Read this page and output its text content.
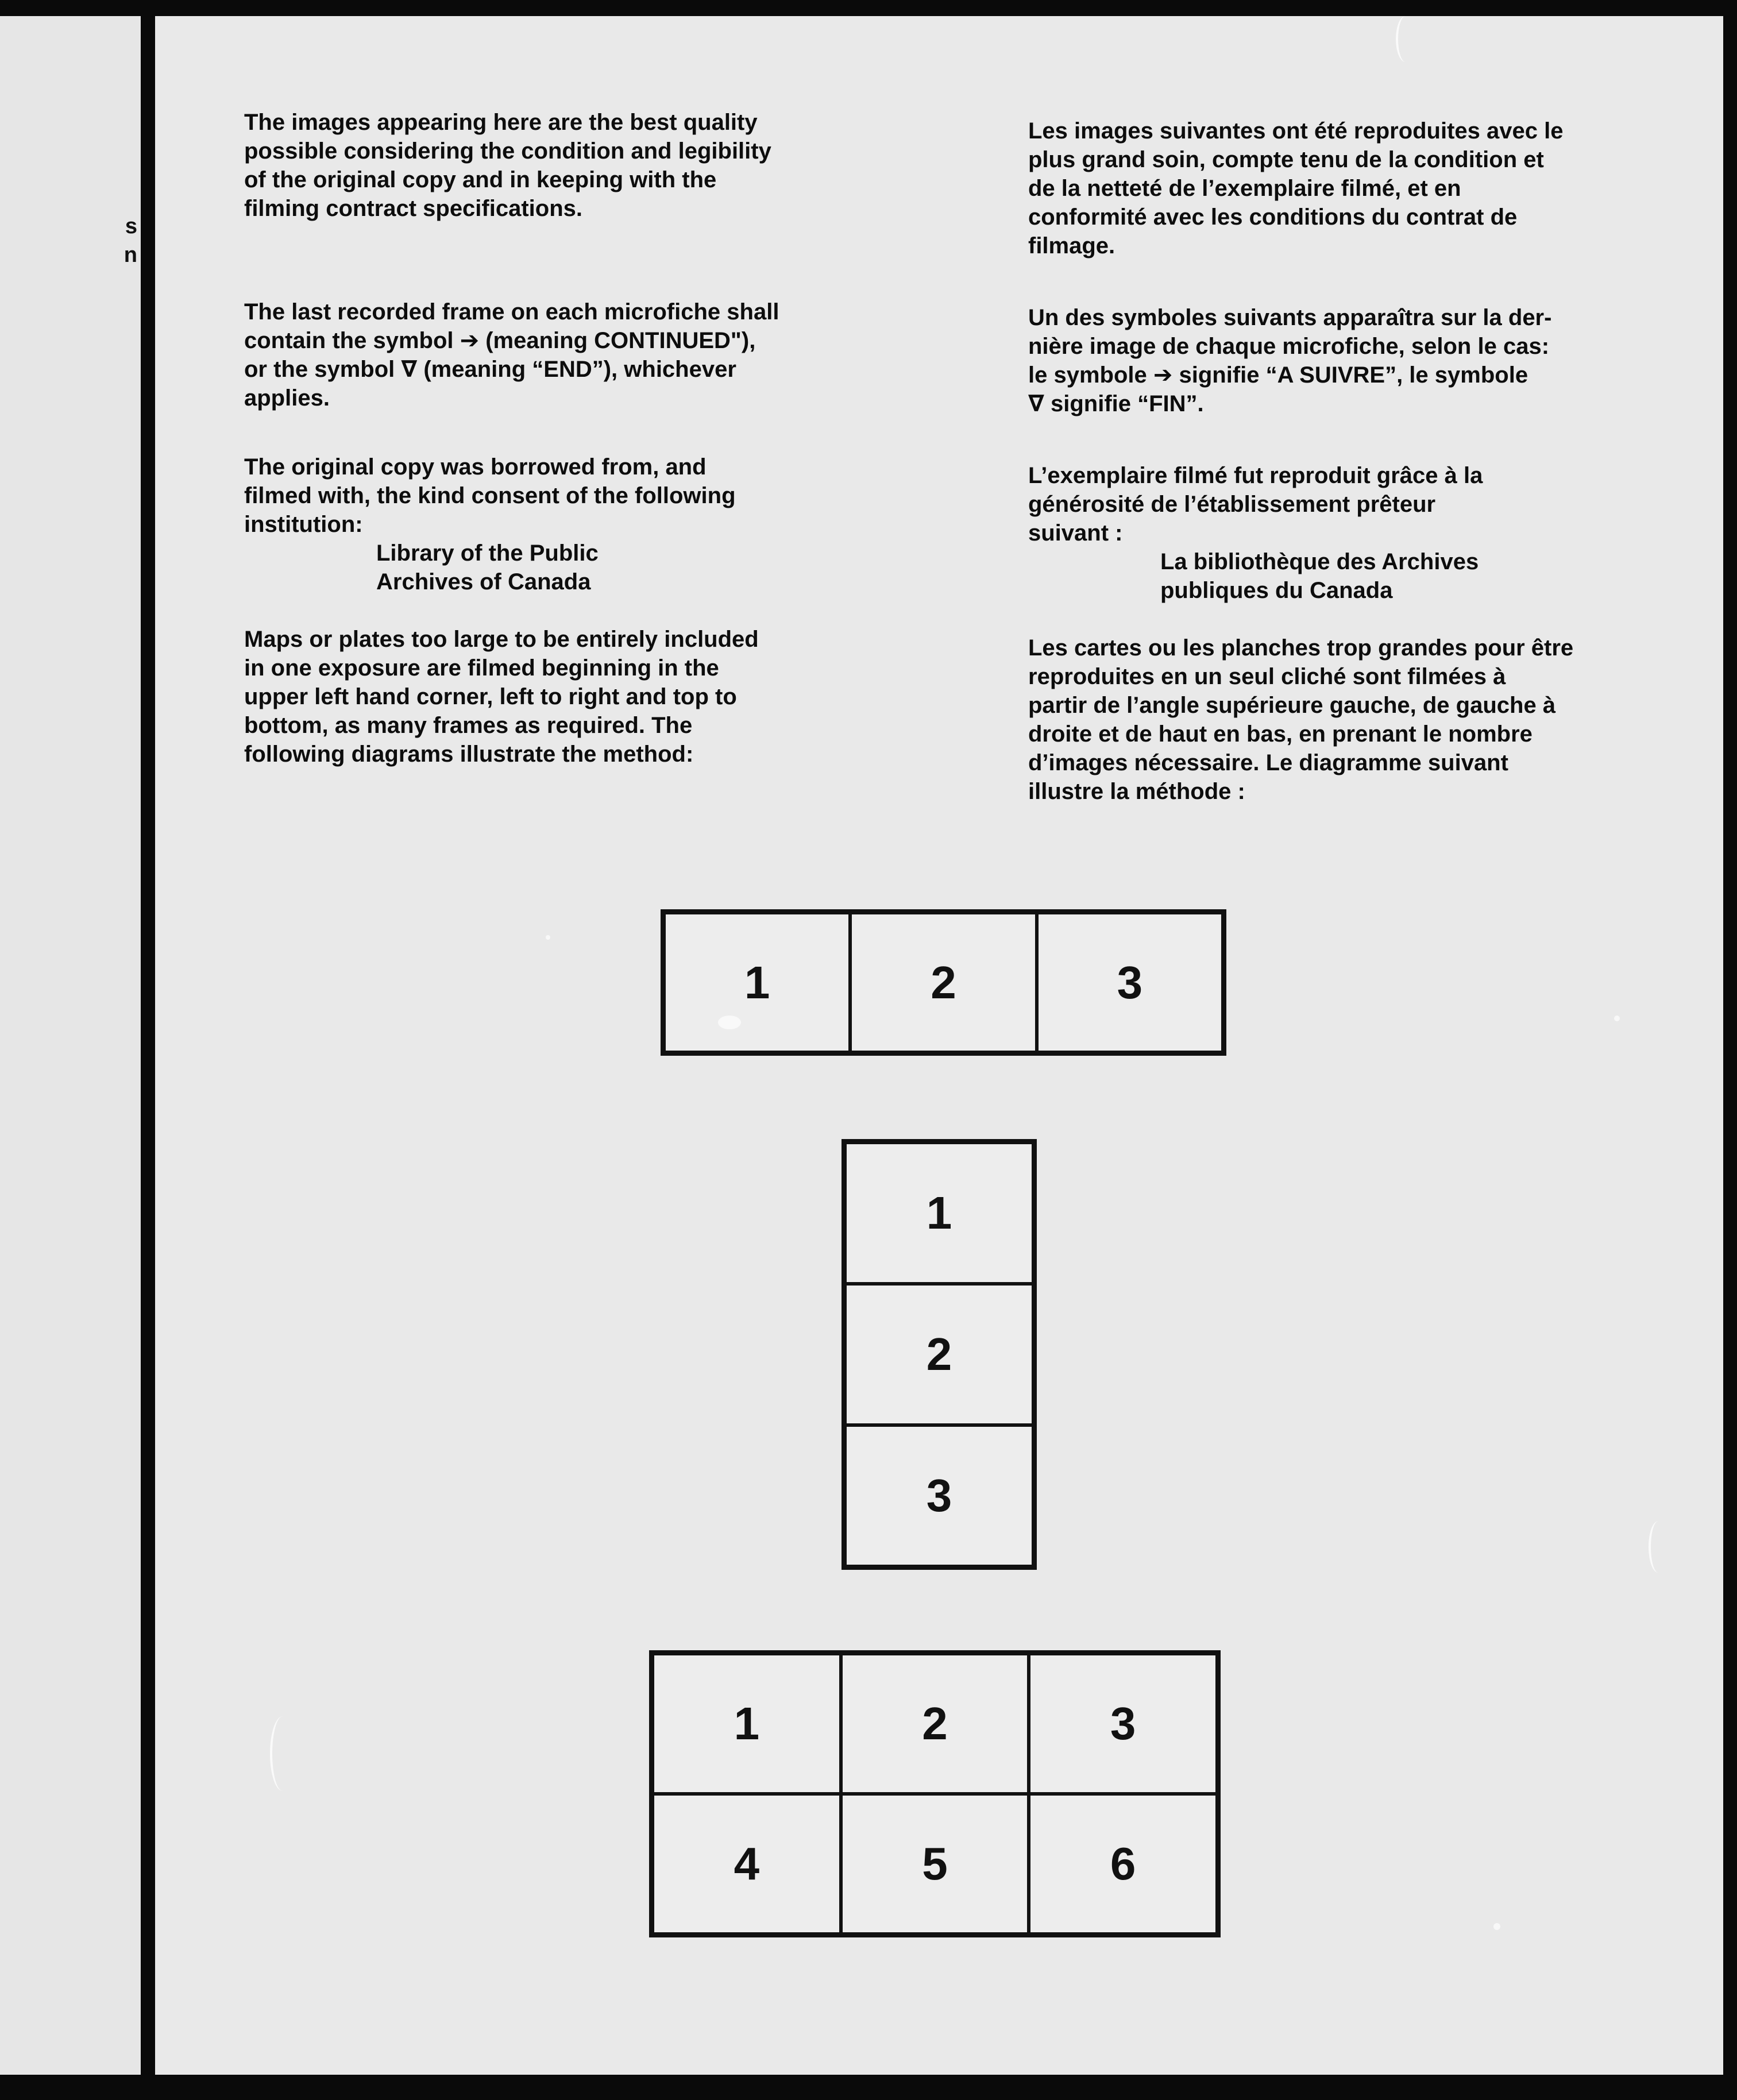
s
n

The images appearing here are the best quality
possible considering the condition and legibility
of the original copy and in keeping with the
filming contract specifications.

The last recorded frame on each microfiche shall
contain the symbol ➔ (meaning CONTINUED"),
or the symbol ∇ (meaning “END”), whichever
applies.

The original copy was borrowed from, and
filmed with, the kind consent of the following
institution:

Library of the Public
Archives of Canada

Maps or plates too large to be entirely included
in one exposure are filmed beginning in the
upper left hand corner, left to right and top to
bottom, as many frames as required. The
following diagrams illustrate the method:

Les images suivantes ont été reproduites avec le
plus grand soin, compte tenu de la condition et
de la netteté de l’exemplaire filmé, et en
conformité avec les conditions du contrat de
filmage.

Un des symboles suivants apparaîtra sur la der-
nière image de chaque microfiche, selon le cas:
le symbole ➔ signifie “A SUIVRE”, le symbole
∇ signifie “FIN”.

L’exemplaire filmé fut reproduit grâce à la
générosité de l’établissement prêteur
suivant :

La bibliothèque des Archives
publiques du Canada

Les cartes ou les planches trop grandes pour être
reproduites en un seul cliché sont filmées à
partir de l’angle supérieure gauche, de gauche à
droite et de haut en bas, en prenant le nombre
d’images nécessaire. Le diagramme suivant
illustre la méthode :

1	2	3
1
2
3
1	2	3
4	5	6
